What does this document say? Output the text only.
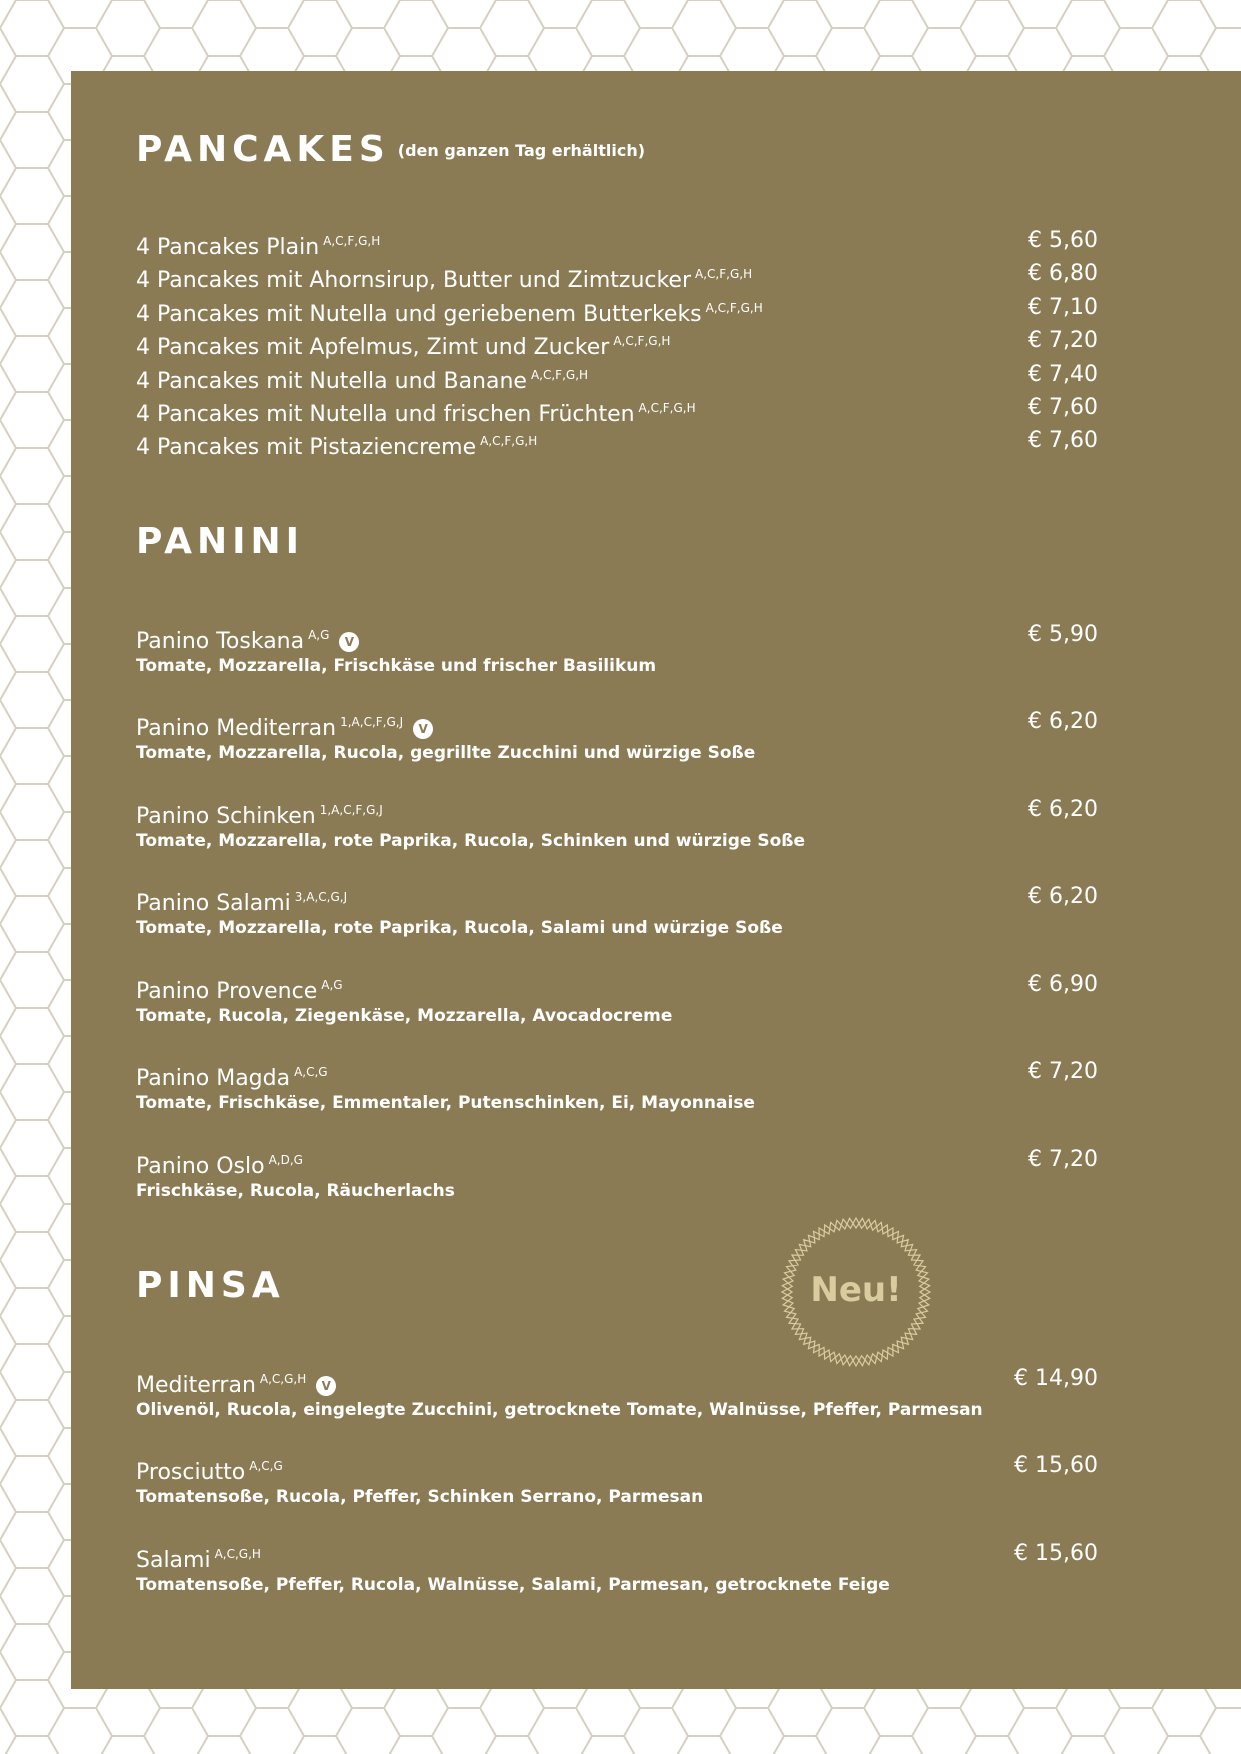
PANCAKES (den ganzen Tag erhältlich)
4 Pancakes Plain $^{A,C,F,G,H}$	€ 5,60
4 Pancakes mit Ahornsirup, Butter und Zimtzucker $^{A,C,F,G,H}$	€ 6,80
4 Pancakes mit Nutella und geriebenem Butterkeks $^{A,C,F,G,H}$	€ 7,10
4 Pancakes mit Apfelmus, Zimt und Zucker $^{A,C,F,G,H}$	€ 7,20
4 Pancakes mit Nutella und Banane $^{A,C,F,G,H}$	€ 7,40
4 Pancakes mit Nutella und frischen Früchten $^{A,C,F,G,H}$	€ 7,60
4 Pancakes mit Pistaziencreme $^{A,C,F,G,H}$	€ 7,60
PANINI
Panino Toskana $^{A,G}$ V	€ 5,90
Tomate, Mozzarella, Frischkäse und frischer Basilikum
Panino Mediterran $^{1,A,C,F,G,J}$ V	€ 6,20
Tomate, Mozzarella, Rucola, gegrillte Zucchini und würzige Soße
Panino Schinken $^{1,A,C,F,G,J}$	€ 6,20
Tomate, Mozzarella, rote Paprika, Rucola, Schinken und würzige Soße
Panino Salami $^{3,A,C,G,J}$	€ 6,20
Tomate, Mozzarella, rote Paprika, Rucola, Salami und würzige Soße
Panino Provence $^{A,G}$	€ 6,90
Tomate, Rucola, Ziegenkäse, Mozzarella, Avocadocreme
Panino Magda $^{A,C,G}$	€ 7,20
Tomate, Frischkäse, Emmentaler, Putenschinken, Ei, Mayonnaise
Panino Oslo $^{A,D,G}$	€ 7,20
Frischkäse, Rucola, Räucherlachs
PINSA	Neu!
Mediterran $^{A,C,G,H}$ V	€ 14,90
Olivenöl, Rucola, eingelegte Zucchini, getrocknete Tomate, Walnüsse, Pfeffer, Parmesan
Prosciutto $^{A,C,G}$	€ 15,60
Tomatensoße, Rucola, Pfeffer, Schinken Serrano, Parmesan
Salami $^{A,C,G,H}$	€ 15,60
Tomatensoße, Pfeffer, Rucola, Walnüsse, Salami, Parmesan, getrocknete Feige
